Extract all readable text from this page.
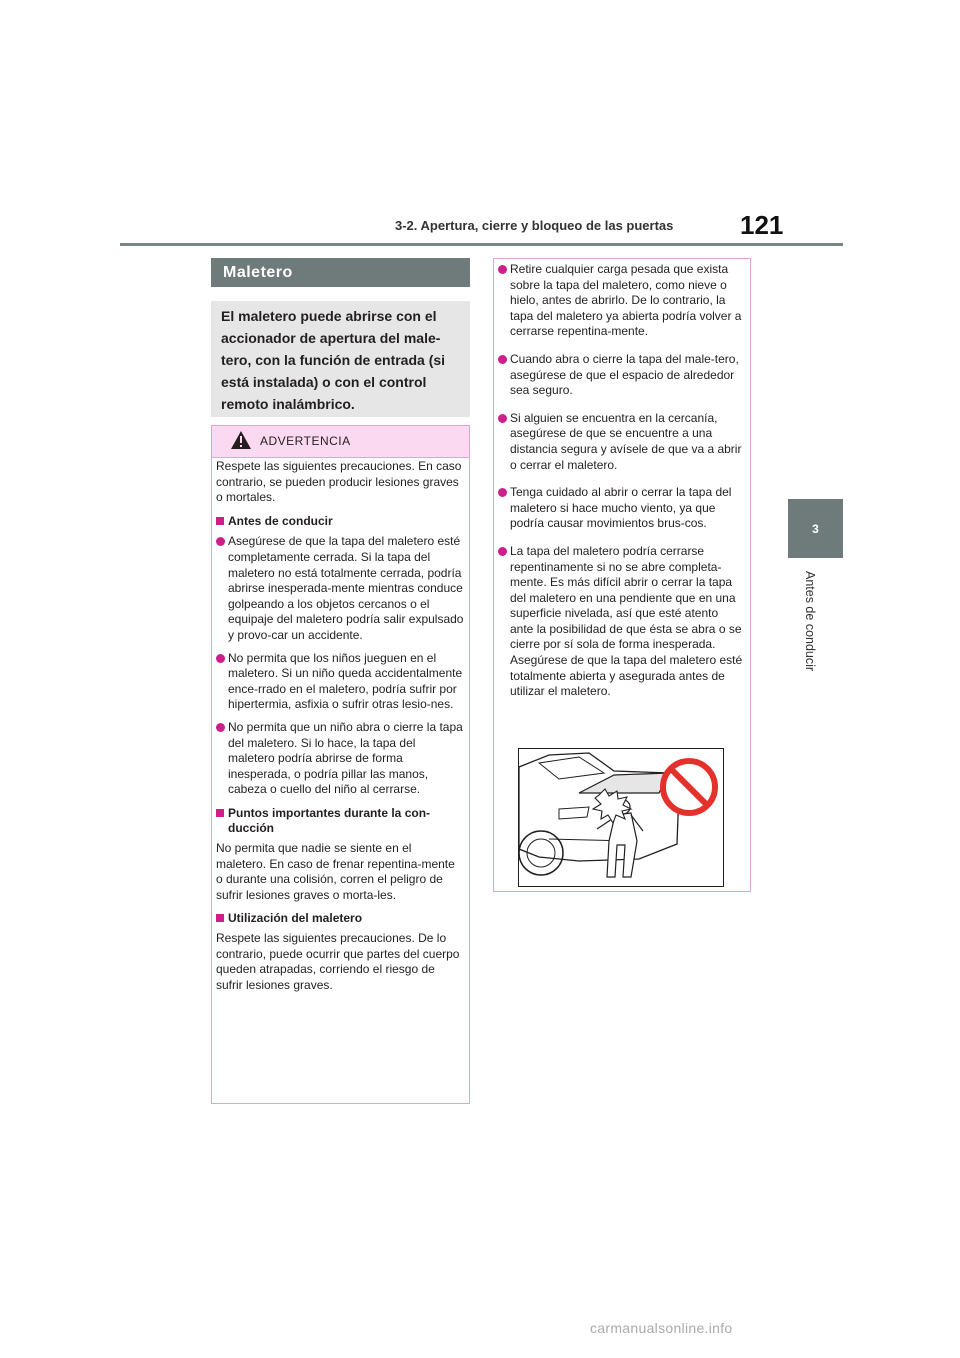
3-2. Apertura, cierre y bloqueo de las puertas	121
3
Antes de conducir
Maletero
El maletero puede abrirse con el
accionador de apertura del male-
tero, con la función de entrada (si
está instalada) o con el control
remoto inalámbrico.
ADVERTENCIA

Respete las siguientes precauciones. En caso contrario, se pueden producir lesiones graves o mortales.

Antes de conducir
Asegúrese de que la tapa del maletero esté completamente cerrada. Si la tapa del maletero no está totalmente cerrada, podría abrirse inesperada-mente mientras conduce golpeando a los objetos cercanos o el equipaje del maletero podría salir expulsado y provo-car un accidente.
No permita que los niños jueguen en el maletero. Si un niño queda accidentalmente ence-rrado en el maletero, podría sufrir por hipertermia, asfixia o sufrir otras lesio-nes.
No permita que un niño abra o cierre la tapa del maletero. Si lo hace, la tapa del maletero podría abrirse de forma inesperada, o podría pillar las manos, cabeza o cuello del niño al cerrarse.
Puntos importantes durante la con-ducción

No permita que nadie se siente en el maletero. En caso de frenar repentina-mente o durante una colisión, corren el peligro de sufrir lesiones graves o morta-les.

Utilización del maletero

Respete las siguientes precauciones. De lo contrario, puede ocurrir que partes del cuerpo queden atrapadas, corriendo el riesgo de sufrir lesiones graves.

Retire cualquier carga pesada que exista sobre la tapa del maletero, como nieve o hielo, antes de abrirlo. De lo contrario, la tapa del maletero ya abierta podría volver a cerrarse repentina-mente.
Cuando abra o cierre la tapa del male-tero, asegúrese de que el espacio de alrededor sea seguro.
Si alguien se encuentra en la cercanía, asegúrese de que se encuentre a una distancia segura y avísele de que va a abrir o cerrar el maletero.
Tenga cuidado al abrir o cerrar la tapa del maletero si hace mucho viento, ya que podría causar movimientos brus-cos.
La tapa del maletero podría cerrarse repentinamente si no se abre completa-mente. Es más difícil abrir o cerrar la tapa del maletero en una pendiente que en una superficie nivelada, así que esté atento ante la posibilidad de que ésta se abra o se cierre por sí sola de forma inesperada. Asegúrese de que la tapa del maletero esté totalmente abierta y asegurada antes de utilizar el maletero.
carmanualsonline.info
